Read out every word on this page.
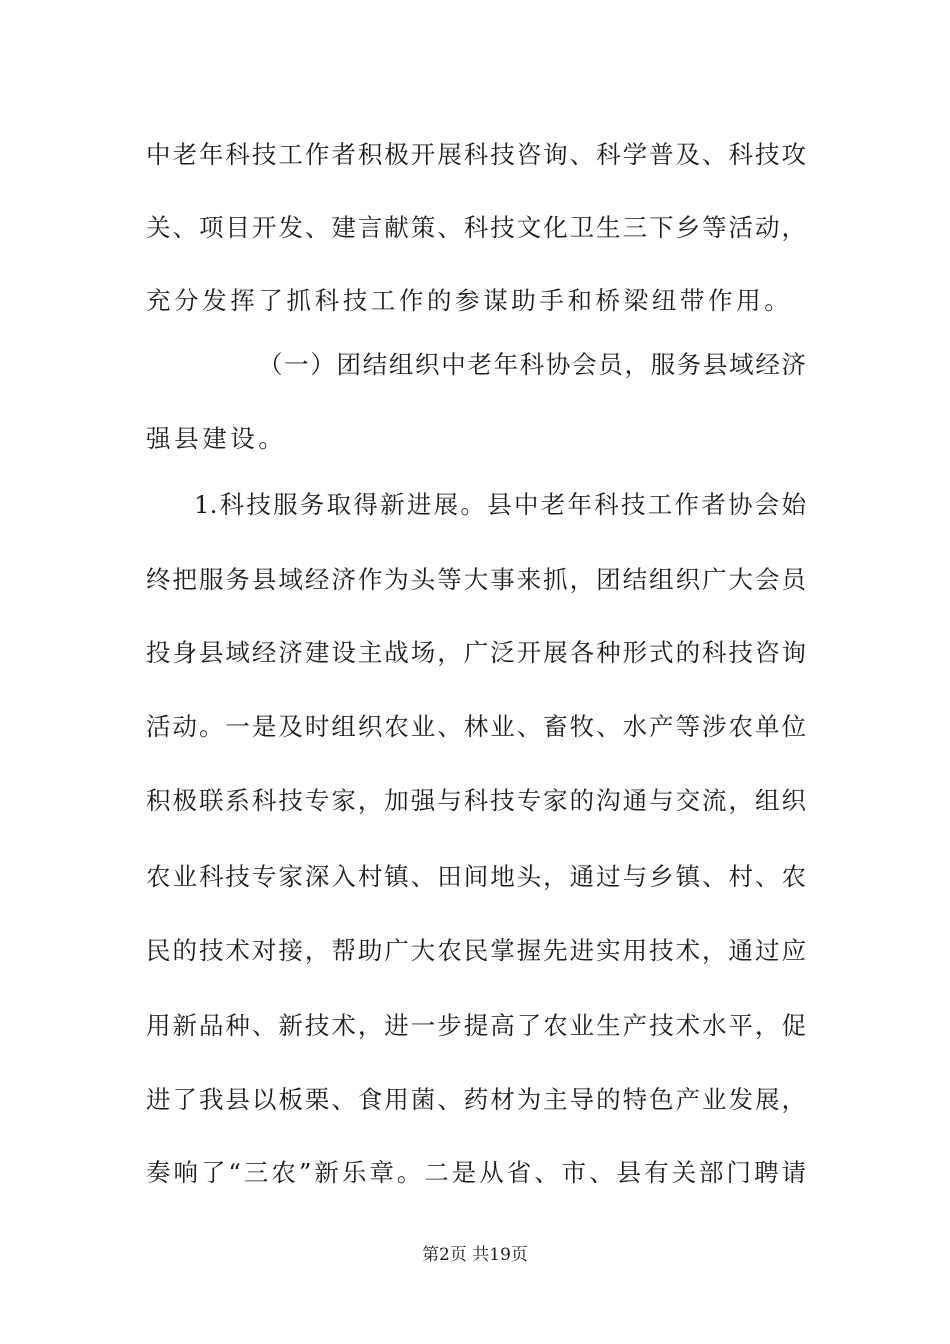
中老年科技工作者积极开展科技咨询、科学普及、科技攻
关、项目开发、建言献策、科技文化卫生三下乡等活动，
充分发挥了抓科技工作的参谋助手和桥梁纽带作用。
（一）团结组织中老年科协会员，服务县域经济
强县建设。
1.科技服务取得新进展。县中老年科技工作者协会始
终把服务县域经济作为头等大事来抓，团结组织广大会员
投身县域经济建设主战场，广泛开展各种形式的科技咨询
活动。一是及时组织农业、林业、畜牧、水产等涉农单位
积极联系科技专家，加强与科技专家的沟通与交流，组织
农业科技专家深入村镇、田间地头，通过与乡镇、村、农
民的技术对接，帮助广大农民掌握先进实用技术，通过应
用新品种、新技术，进一步提高了农业生产技术水平，促
进了我县以板栗、食用菌、药材为主导的特色产业发展，
奏响了“三农”新乐章。二是从省、市、县有关部门聘请
第2页 共19页
